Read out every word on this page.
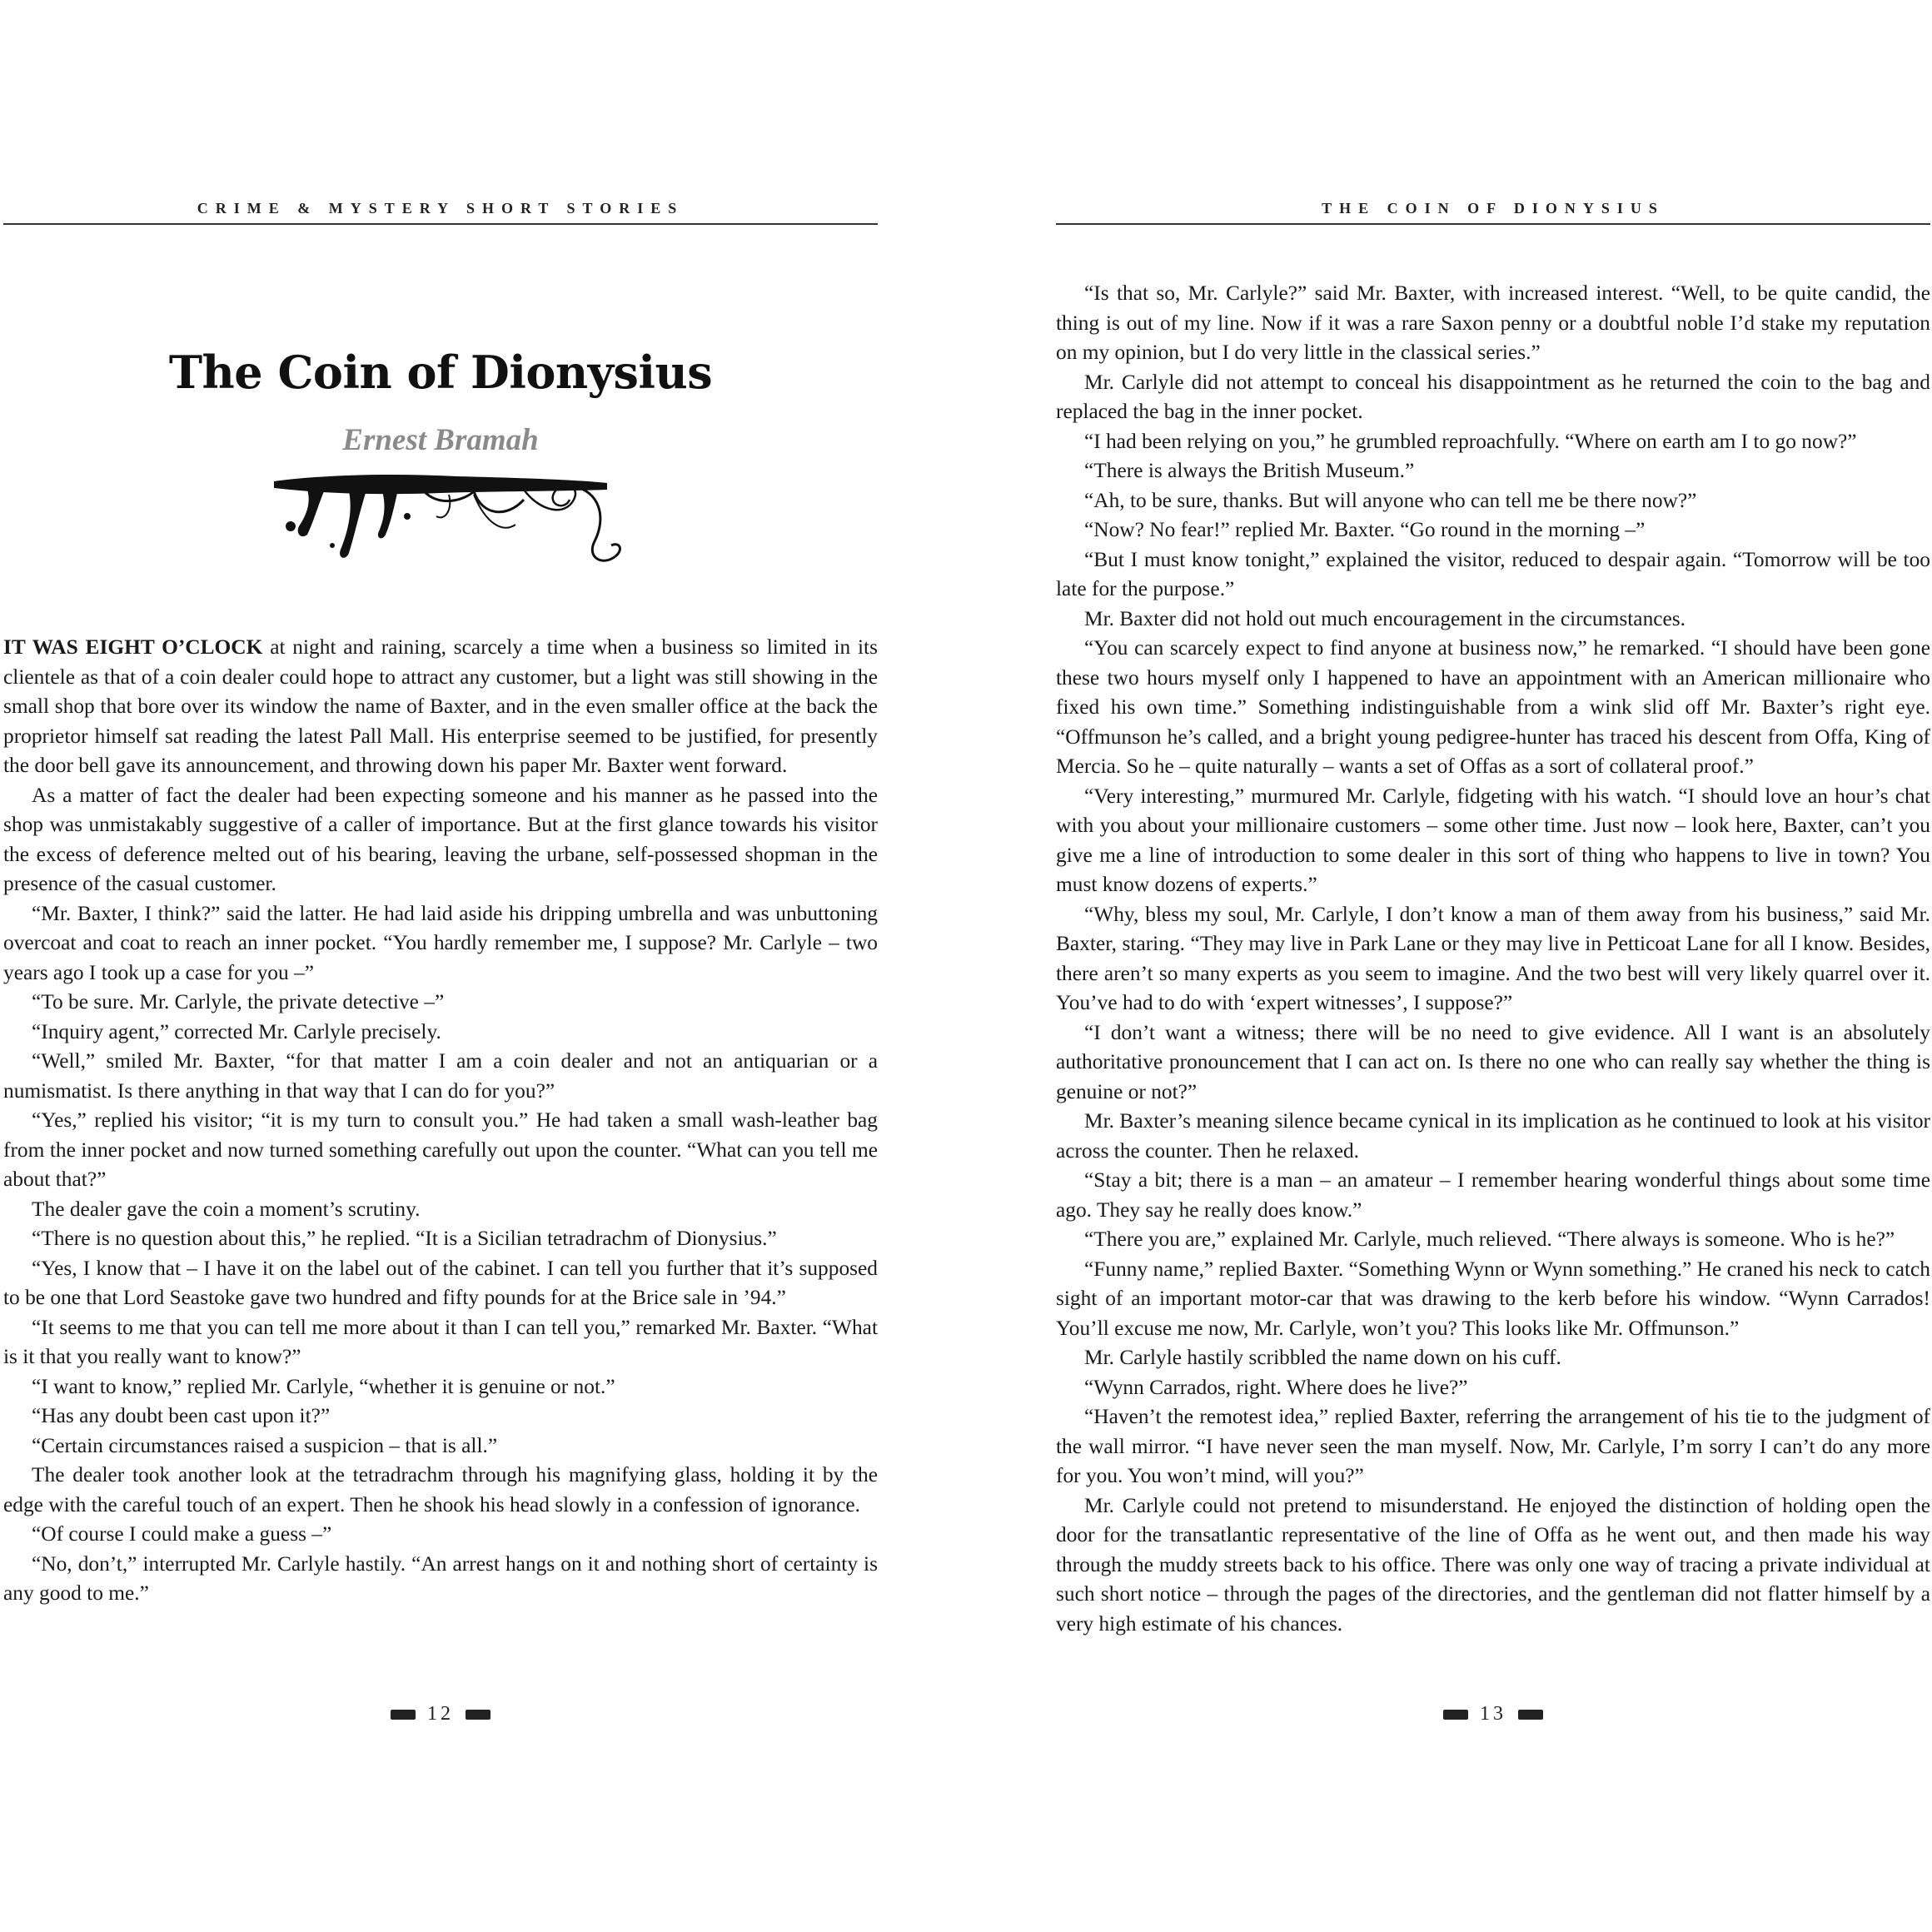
CRIME & MYSTERY SHORT STORIES
The Coin of Dionysius
Ernest Bramah

IT WAS EIGHT O’CLOCK at night and raining, scarcely a time when a business so limited in its clientele as that of a coin dealer could hope to attract any customer, but a light was still showing in the small shop that bore over its window the name of Baxter, and in the even smaller office at the back the proprietor himself sat reading the latest Pall Mall. His enterprise seemed to be justified, for presently the door bell gave its announcement, and throwing down his paper Mr. Baxter went forward.

As a matter of fact the dealer had been expecting someone and his manner as he passed into the shop was unmistakably suggestive of a caller of importance. But at the first glance towards his visitor the excess of deference melted out of his bearing, leaving the urbane, self-possessed shopman in the presence of the casual customer.

“Mr. Baxter, I think?” said the latter. He had laid aside his dripping umbrella and was unbuttoning overcoat and coat to reach an inner pocket. “You hardly remember me, I suppose? Mr. Carlyle – two years ago I took up a case for you –”

“To be sure. Mr. Carlyle, the private detective –”

“Inquiry agent,” corrected Mr. Carlyle precisely.

“Well,” smiled Mr. Baxter, “for that matter I am a coin dealer and not an antiquarian or a numismatist. Is there anything in that way that I can do for you?”

“Yes,” replied his visitor; “it is my turn to consult you.” He had taken a small wash-leather bag from the inner pocket and now turned something carefully out upon the counter. “What can you tell me about that?”

The dealer gave the coin a moment’s scrutiny.

“There is no question about this,” he replied. “It is a Sicilian tetradrachm of Dionysius.”

“Yes, I know that – I have it on the label out of the cabinet. I can tell you further that it’s supposed to be one that Lord Seastoke gave two hundred and fifty pounds for at the Brice sale in ’94.”

“It seems to me that you can tell me more about it than I can tell you,” remarked Mr. Baxter. “What is it that you really want to know?”

“I want to know,” replied Mr. Carlyle, “whether it is genuine or not.”

“Has any doubt been cast upon it?”

“Certain circumstances raised a suspicion – that is all.”

The dealer took another look at the tetradrachm through his magnifying glass, holding it by the edge with the careful touch of an expert. Then he shook his head slowly in a confession of ignorance.

“Of course I could make a guess –”

“No, don’t,” interrupted Mr. Carlyle hastily. “An arrest hangs on it and nothing short of certainty is any good to me.”

12
THE COIN OF DIONYSIUS

“Is that so, Mr. Carlyle?” said Mr. Baxter, with increased interest. “Well, to be quite candid, the thing is out of my line. Now if it was a rare Saxon penny or a doubtful noble I’d stake my reputation on my opinion, but I do very little in the classical series.”

Mr. Carlyle did not attempt to conceal his disappointment as he returned the coin to the bag and replaced the bag in the inner pocket.

“I had been relying on you,” he grumbled reproachfully. “Where on earth am I to go now?”

“There is always the British Museum.”

“Ah, to be sure, thanks. But will anyone who can tell me be there now?”

“Now? No fear!” replied Mr. Baxter. “Go round in the morning –”

“But I must know tonight,” explained the visitor, reduced to despair again. “Tomorrow will be too late for the purpose.”

Mr. Baxter did not hold out much encouragement in the circumstances.

“You can scarcely expect to find anyone at business now,” he remarked. “I should have been gone these two hours myself only I happened to have an appointment with an American millionaire who fixed his own time.” Something indistinguishable from a wink slid off Mr. Baxter’s right eye. “Offmunson he’s called, and a bright young pedigree-hunter has traced his descent from Offa, King of Mercia. So he – quite naturally – wants a set of Offas as a sort of collateral proof.”

“Very interesting,” murmured Mr. Carlyle, fidgeting with his watch. “I should love an hour’s chat with you about your millionaire customers – some other time. Just now – look here, Baxter, can’t you give me a line of introduction to some dealer in this sort of thing who happens to live in town? You must know dozens of experts.”

“Why, bless my soul, Mr. Carlyle, I don’t know a man of them away from his business,” said Mr. Baxter, staring. “They may live in Park Lane or they may live in Petticoat Lane for all I know. Besides, there aren’t so many experts as you seem to imagine. And the two best will very likely quarrel over it. You’ve had to do with ‘expert witnesses’, I suppose?”

“I don’t want a witness; there will be no need to give evidence. All I want is an absolutely authoritative pronouncement that I can act on. Is there no one who can really say whether the thing is genuine or not?”

Mr. Baxter’s meaning silence became cynical in its implication as he continued to look at his visitor across the counter. Then he relaxed.

“Stay a bit; there is a man – an amateur – I remember hearing wonderful things about some time ago. They say he really does know.”

“There you are,” explained Mr. Carlyle, much relieved. “There always is someone. Who is he?”

“Funny name,” replied Baxter. “Something Wynn or Wynn something.” He craned his neck to catch sight of an important motor-car that was drawing to the kerb before his window. “Wynn Carrados! You’ll excuse me now, Mr. Carlyle, won’t you? This looks like Mr. Offmunson.”

Mr. Carlyle hastily scribbled the name down on his cuff.

“Wynn Carrados, right. Where does he live?”

“Haven’t the remotest idea,” replied Baxter, referring the arrangement of his tie to the judgment of the wall mirror. “I have never seen the man myself. Now, Mr. Carlyle, I’m sorry I can’t do any more for you. You won’t mind, will you?”

Mr. Carlyle could not pretend to misunderstand. He enjoyed the distinction of holding open the door for the transatlantic representative of the line of Offa as he went out, and then made his way through the muddy streets back to his office. There was only one way of tracing a private individual at such short notice – through the pages of the directories, and the gentleman did not flatter himself by a very high estimate of his chances.

13
